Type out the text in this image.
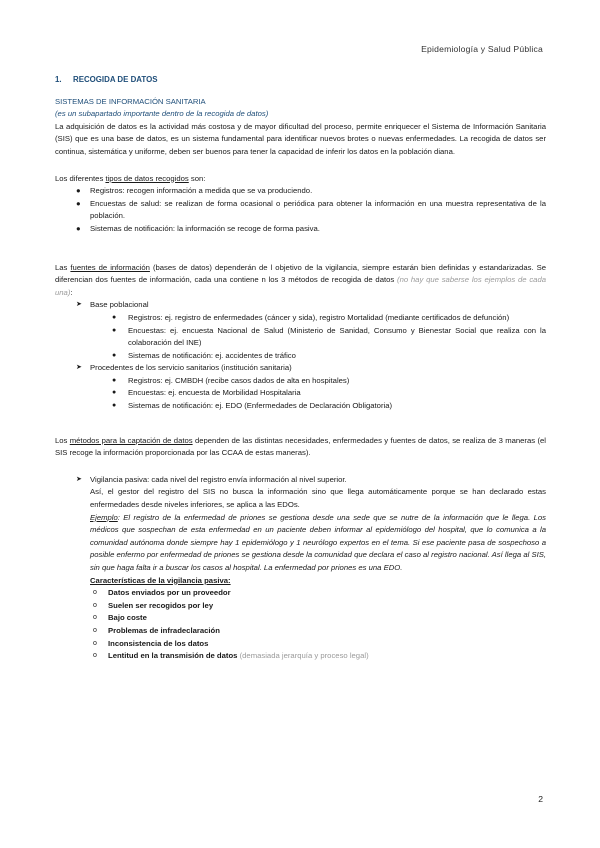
Epidemiología y Salud Pública

1. RECOGIDA DE DATOS

SISTEMAS DE INFORMACIÓN SANITARIA

(es un subapartado importante dentro de la recogida de datos)

La adquisición de datos es la actividad más costosa y de mayor dificultad del proceso, permite enriquecer el Sistema de Información Sanitaria (SIS) que es una base de datos, es un sistema fundamental para identificar nuevos brotes o nuevas enfermedades. La recogida de datos ser continua, sistemática y uniforme, deben ser buenos para tener la capacidad de inferir los datos en la población diana.

Los diferentes tipos de datos recogidos son:

● Registros: recogen información a medida que se va produciendo.
● Encuestas de salud: se realizan de forma ocasional o periódica para obtener la información en una muestra representativa de la población.
● Sistemas de notificación: la información se recoge de forma pasiva.

Las fuentes de información (bases de datos) dependerán de l objetivo de la vigilancia, siempre estarán bien definidas y estandarizadas. Se diferencian dos fuentes de información, cada una contiene n los 3 métodos de recogida de datos (no hay que saberse los ejemplos de cada una):

➤ Base poblacional
● Registros: ej. registro de enfermedades (cáncer y sida), registro Mortalidad (mediante certificados de defunción)
● Encuestas: ej. encuesta Nacional de Salud (Ministerio de Sanidad, Consumo y Bienestar Social que realiza con la colaboración del INE)
● Sistemas de notificación: ej. accidentes de tráfico
➤ Procedentes de los servicio sanitarios (institución sanitaria)
● Registros: ej. CMBDH (recibe casos dados de alta en hospitales)
● Encuestas: ej. encuesta de Morbilidad Hospitalaria
● Sistemas de notificación: ej. EDO (Enfermedades de Declaración Obligatoria)

Los métodos para la captación de datos dependen de las distintas necesidades, enfermedades y fuentes de datos, se realiza de 3 maneras (el SIS recoge la información proporcionada por las CCAA de estas maneras).

➤ Vigilancia pasiva: cada nivel del registro envía información al nivel superior.

Así, el gestor del registro del SIS no busca la información sino que llega automáticamente porque se han declarado estas enfermedades desde niveles inferiores, se aplica a las EDOs.

Ejemplo: El registro de la enfermedad de priones se gestiona desde una sede que se nutre de la información que le llega. Los médicos que sospechan de esta enfermedad en un paciente deben informar al epidemiólogo del hospital, que lo comunica a la comunidad autónoma donde siempre hay 1 epidemiólogo y 1 neurólogo expertos en el tema. Si ese paciente pasa de sospechoso a posible enfermo por enfermedad de priones se gestiona desde la comunidad que declara el caso al registro nacional. Así llega al SIS, sin que haga falta ir a buscar los casos al hospital. La enfermedad por priones es una EDO.

Características de la vigilancia pasiva:

o Datos enviados por un proveedor
o Suelen ser recogidos por ley
o Bajo coste
o Problemas de infradeclaración
o Inconsistencia de los datos
o Lentitud en la transmisión de datos (demasiada jerarquía y proceso legal)
2
